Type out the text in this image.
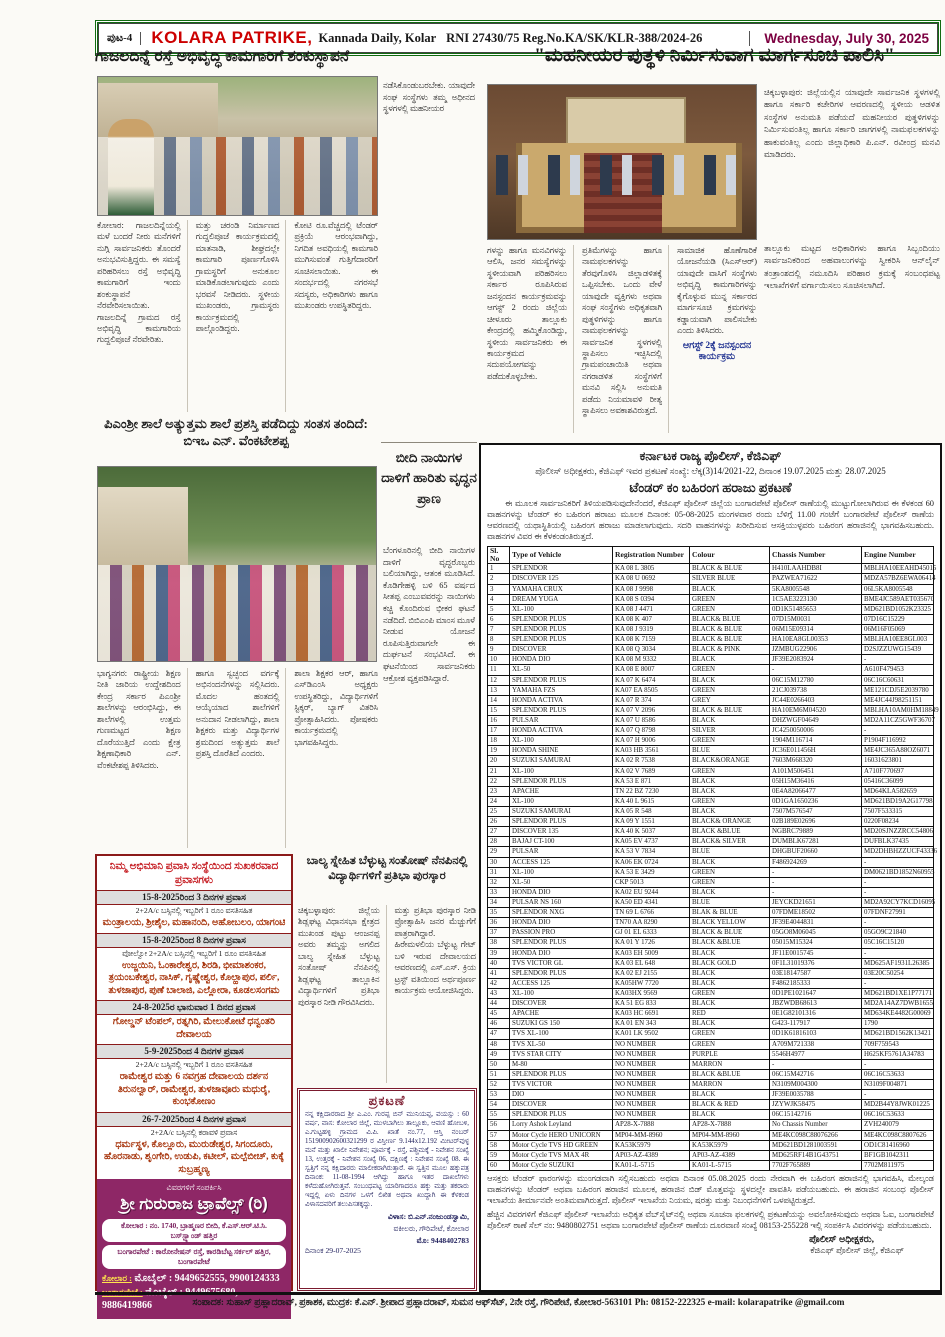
ಪುಟ-4	KOLARA PATRIKE, Kannada Daily, Kolar RNI 27430/75 Reg.No.KA/SK/KLR-388/2024-26	Wednesday, July 30, 2025
ಗಾಜಲದಿನ್ನೆ ರಸ್ತೆ ಅಭಿವೃದ್ಧಿ ಕಾಮಗಾರಿಗೆ ಶಂಕುಸ್ಥಾಪನೆ	"ಮಹನೀಯರ ಪುತ್ಥಳಿ ನಿರ್ಮಿಸುವಾಗ ಮಾರ್ಗಸೂಚಿ ಪಾಲಿಸಿ"
ಕೋಲಾರ: ಗಾಜಲದಿನ್ನೆಯಲ್ಲಿ ಮಳೆ ಬಂದರೆ ನೀರು ಮನೆಗಳಿಗೆ ನುಗ್ಗಿ ಸಾರ್ವಜನಿಕರು ತೊಂದರೆ ಅನುಭವಿಸುತ್ತಿದ್ದರು. ಈ ಸಮಸ್ಯೆ ಪರಿಹರಿಸಲು ರಸ್ತೆ ಅಭಿವೃದ್ಧಿ ಕಾಮಗಾರಿಗೆ ಇಂದು ಶಂಕುಸ್ಥಾಪನೆ ನೆರವೇರಿಸಲಾಯಿತು. ಗಾಜಲದಿನ್ನೆ ಗ್ರಾಮದ ರಸ್ತೆ ಅಭಿವೃದ್ಧಿ ಕಾಮಗಾರಿಯ ಗುದ್ದಲಿಪೂಜೆ ನೆರವೇರಿತು.
ಮತ್ತು ಚರಂಡಿ ನಿರ್ಮಾಣದ ಗುದ್ದಲಿಪೂಜೆ ಕಾರ್ಯಕ್ರಮದಲ್ಲಿ ಮಾತನಾಡಿ, ಶೀಘ್ರದಲ್ಲೇ ಕಾಮಗಾರಿ ಪೂರ್ಣಗೊಳಿಸಿ ಗ್ರಾಮಸ್ಥರಿಗೆ ಅನುಕೂಲ ಮಾಡಿಕೊಡಲಾಗುವುದು ಎಂದು ಭರವಸೆ ನೀಡಿದರು. ಸ್ಥಳೀಯ ಮುಖಂಡರು, ಗ್ರಾಮಸ್ಥರು ಕಾರ್ಯಕ್ರಮದಲ್ಲಿ ಪಾಲ್ಗೊಂಡಿದ್ದರು.
ಕೋಟಿ ರೂ.ವೆಚ್ಚದಲ್ಲಿ ಟೆಂಡರ್ ಪ್ರಕ್ರಿಯೆ ಆರಂಭವಾಗಿದ್ದು, ನಿಗದಿತ ಅವಧಿಯಲ್ಲಿ ಕಾಮಗಾರಿ ಮುಗಿಸುವಂತೆ ಗುತ್ತಿಗೆದಾರರಿಗೆ ಸೂಚಿಸಲಾಯಿತು. ಈ ಸಂದರ್ಭದಲ್ಲಿ ನಗರಸಭೆ ಸದಸ್ಯರು, ಅಧಿಕಾರಿಗಳು ಹಾಗೂ ಮುಖಂಡರು ಉಪಸ್ಥಿತರಿದ್ದರು.
ನಡೆಸಿಕೊಂಡುಬರಬೇಕು. ಯಾವುದೇ ಸಂಘ ಸಂಸ್ಥೆಗಳು ತಮ್ಮ ಅಧೀನದ ಸ್ಥಳಗಳಲ್ಲಿ ಮಹನೀಯರ
ಬೀದಿ ನಾಯಿಗಳ ದಾಳಿಗೆ ಹಾರಿತು ವೃದ್ಧನ ಪ್ರಾಣ
ಬೆಂಗಳೂರಿನಲ್ಲಿ ಬೀದಿ ನಾಯಿಗಳ ದಾಳಿಗೆ ವೃದ್ಧರೊಬ್ಬರು ಬಲಿಯಾಗಿದ್ದು, ಆತಂಕ ಮೂಡಿಸಿದೆ. ಕೊಡಿಗೇಹಳ್ಳಿ ಬಳಿ 65 ವರ್ಷದ ಸೀತಪ್ಪ ಎಂಬುವವರನ್ನು ನಾಯಿಗಳು ಕಚ್ಚಿ ಕೊಂದಿರುವ ಭೀಕರ ಘಟನೆ ನಡೆದಿದೆ. ಬಿಬಿಎಂಪಿ ಮಾಂಸ ಮೂಳೆ ನೀಡುವ ಯೋಜನೆ ರೂಪಿಸುತ್ತಿರುವಾಗಲೇ ಈ ದುರ್ಘಟನೆ ಸಂಭವಿಸಿದೆ. ಈ ಘಟನೆಯಿಂದ ಸಾರ್ವಜನಿಕರು ಆಕ್ರೋಶ ವ್ಯಕ್ತಪಡಿಸಿದ್ದಾರೆ.
ಚಿಕ್ಕಬಳ್ಳಾಪುರ: ಜಿಲ್ಲೆಯಲ್ಲಿನ ಯಾವುದೇ ಸಾರ್ವಜನಿಕ ಸ್ಥಳಗಳಲ್ಲಿ ಹಾಗೂ ಸರ್ಕಾರಿ ಕಚೇರಿಗಳ ಆವರಣದಲ್ಲಿ ಸ್ಥಳೀಯ ಆಡಳಿತ ಸಂಸ್ಥೆಗಳ ಅನುಮತಿ ಪಡೆಯದೆ ಮಹನೀಯರ ಪುತ್ಥಳಿಗಳನ್ನು ನಿರ್ಮಿಸುವಂತಿಲ್ಲ ಹಾಗೂ ಸರ್ಕಾರಿ ಜಾಗಗಳಲ್ಲಿ ನಾಮಫಲಕಗಳನ್ನು ಹಾಕುವಂತಿಲ್ಲ ಎಂದು ಜಿಲ್ಲಾಧಿಕಾರಿ ಪಿ.ಎನ್. ರವೀಂದ್ರ ಮನವಿ ಮಾಡಿದರು.
ತಾಲ್ಲೂಕು ಮಟ್ಟದ ಅಧಿಕಾರಿಗಳು ಹಾಗೂ ಸಿಬ್ಬಂದಿಯು ಸಾರ್ವಜನಿಕರಿಂದ ಅಹವಾಲುಗಳನ್ನು ಸ್ವೀಕರಿಸಿ ಆನ್‌ಲೈನ್ ತಂತ್ರಾಂಶದಲ್ಲಿ ನಮೂದಿಸಿ ಪರಿಹಾರ ಕ್ರಮಕ್ಕೆ ಸಂಬಂಧಪಟ್ಟ ಇಲಾಖೆಗಳಿಗೆ ವರ್ಗಾಯಿಸಲು ಸೂಚಿಸಲಾಗಿದೆ.
ಗಳನ್ನು ಹಾಗೂ ಮನವಿಗಳನ್ನು ಆಲಿಸಿ, ಜನರ ಸಮಸ್ಯೆಗಳನ್ನು ಸ್ಥಳೀಯವಾಗಿ ಪರಿಹರಿಸಲು ಸರ್ಕಾರ ರೂಪಿಸಿರುವ ಜನಸ್ಪಂದನ ಕಾರ್ಯಕ್ರಮವನ್ನು ಆಗಸ್ಟ್ 2 ರಂದು ಜಿಲ್ಲೆಯ ಚೀಳೂರು ತಾಲ್ಲೂಕು ಕೇಂದ್ರದಲ್ಲಿ ಹಮ್ಮಿಕೊಂಡಿದ್ದು, ಸ್ಥಳೀಯ ಸಾರ್ವಜನಿಕರು ಈ ಕಾರ್ಯಕ್ರಮದ ಸದುಪಯೋಗವನ್ನು ಪಡೆದುಕೊಳ್ಳಬೇಕು.
ಪ್ರತಿಮೆಗಳನ್ನು ಹಾಗೂ ನಾಮಫಲಕಗಳನ್ನು ತೆರವುಗೊಳಿಸಿ ಜಿಲ್ಲಾಡಳಿತಕ್ಕೆ ಒಪ್ಪಿಸಬೇಕು. ಒಂದು ವೇಳೆ ಯಾವುದೇ ವ್ಯಕ್ತಿಗಳು ಅಥವಾ ಸಂಘ ಸಂಸ್ಥೆಗಳು ಅಧಿಕೃತವಾಗಿ ಪುತ್ಥಳಿಗಳನ್ನು ಹಾಗೂ ನಾಮಫಲಕಗಳನ್ನು ಸಾರ್ವಜನಿಕ ಸ್ಥಳಗಳಲ್ಲಿ ಸ್ಥಾಪಿಸಲು ಇಚ್ಛಿಸಿದಲ್ಲಿ ಗ್ರಾಮಪಂಚಾಯಿತಿ ಅಥವಾ ನಗರಾಡಳಿತ ಸಂಸ್ಥೆಗಳಿಗೆ ಮನವಿ ಸಲ್ಲಿಸಿ ಅನುಮತಿ ಪಡೆದು ನಿಯಮಾವಳಿ ರೀತ್ಯ ಸ್ಥಾಪಿಸಲು ಅವಕಾಶವಿರುತ್ತದೆ.
ಸಾಮಾಜಿಕ ಹೊಣೆಗಾರಿಕೆ ಯೋಜನೆಯಡಿ (ಸಿಎಸ್‌ಆರ್) ಯಾವುದೇ ವಾಸಿಗೆ ಸಂಸ್ಥೆಗಳು ಅಭಿವೃದ್ಧಿ ಕಾಮಗಾರಿಗಳನ್ನು ಕೈಗೊಳ್ಳುವ ಮುನ್ನ ಸರ್ಕಾರದ ಮಾರ್ಗಸೂಚಿ ಕ್ರಮಗಳನ್ನು ಕಡ್ಡಾಯವಾಗಿ ಪಾಲಿಸಬೇಕು ಎಂದು ತಿಳಿಸಿದರು.
ಆಗಸ್ಟ್ 2ಕ್ಕೆ ಜನಸ್ಪಂದನ ಕಾರ್ಯಕ್ರಮ
ಪಿಎಂಶ್ರೀ ಶಾಲೆ ಅತ್ಯುತ್ತಮ ಶಾಲೆ ಪ್ರಶಸ್ತಿ ಪಡೆದಿದ್ದು ಸಂತಸ ತಂದಿದೆ: ಬಿಇಒ ಎನ್. ವೆಂಕಟೇಶಪ್ಪ
ಭಾಗ್ಯನಗರ: ರಾಷ್ಟ್ರೀಯ ಶಿಕ್ಷಣ ನೀತಿ ಜಾರಿಯ ಉದ್ದೇಶದಿಂದ ಕೇಂದ್ರ ಸರ್ಕಾರ ಪಿಎಂಶ್ರೀ ಶಾಲೆಗಳನ್ನು ಆರಂಭಿಸಿದ್ದು, ಈ ಶಾಲೆಗಳಲ್ಲಿ ಉತ್ತಮ ಗುಣಮಟ್ಟದ ಶಿಕ್ಷಣ ದೊರೆಯುತ್ತಿದೆ ಎಂದು ಕ್ಷೇತ್ರ ಶಿಕ್ಷಣಾಧಿಕಾರಿ ಎನ್. ವೆಂಕಟೇಶಪ್ಪ ತಿಳಿಸಿದರು.
ಹಾಗೂ ಸ್ವಚ್ಛಂದ ವರ್ಗಕ್ಕೆ ಅಭಿನಂದನೆಗಳನ್ನು ಸಲ್ಲಿಸಿದರು. ಮೊದಲ ಹಂತದಲ್ಲಿ ಆಯ್ಕೆಯಾದ ಶಾಲೆಗಳಿಗೆ ಅನುದಾನ ನೀಡಲಾಗಿದ್ದು, ಶಾಲಾ ಶಿಕ್ಷಕರು ಮತ್ತು ವಿದ್ಯಾರ್ಥಿಗಳ ಶ್ರಮದಿಂದ ಅತ್ಯುತ್ತಮ ಶಾಲೆ ಪ್ರಶಸ್ತಿ ದೊರೆತಿದೆ ಎಂದರು.
ಶಾಲಾ ಶಿಕ್ಷಕರ ಆರ್, ಹಾಗೂ ಎಸ್‌ಡಿಎಂಸಿ ಅಧ್ಯಕ್ಷರು ಉಪಸ್ಥಿತರಿದ್ದು, ವಿದ್ಯಾರ್ಥಿಗಳಿಗೆ ಸ್ಟಿಕ್ಕರ್, ಬ್ಯಾಗ್ ವಿತರಿಸಿ ಪ್ರೋತ್ಸಾಹಿಸಿದರು. ಪೋಷಕರು ಕಾರ್ಯಕ್ರಮದಲ್ಲಿ ಭಾಗವಹಿಸಿದ್ದರು.
ಕರ್ನಾಟಕ ರಾಜ್ಯ ಪೊಲೀಸ್, ಕೆಜಿಎಫ್
ಪೊಲೀಸ್ ಅಧೀಕ್ಷಕರು, ಕೆಜಿಎಫ್ ಇವರ ಪ್ರಕಟಣೆ ಸಂಖ್ಯೆ: ಲೆಕ್ಕ(3)14/2021-22, ದಿನಾಂಕ 19.07.2025 ಮತ್ತು 28.07.2025
ಟೆಂಡರ್ ಕಂ ಬಹಿರಂಗ ಹರಾಜು ಪ್ರಕಟಣೆ
ಈ ಮೂಲಕ ಸಾರ್ವಜನಿಕರಿಗೆ ತಿಳಿಯಪಡಿಸುವುದೇನೆಂದರೆ, ಕೆಜಿಎಫ್ ಪೊಲೀಸ್ ಜಿಲ್ಲೆಯ ಬಂಗಾರಪೇಟೆ ಪೊಲೀಸ್ ಠಾಣೆಯಲ್ಲಿ ಮುಟ್ಟುಗೋಲಾಗಿರುವ ಈ ಕೆಳಕಂಡ 60 ವಾಹನಗಳನ್ನು ಟೆಂಡರ್ ಕಂ ಬಹಿರಂಗ ಹರಾಜು ಮೂಲಕ ದಿನಾಂಕ: 05-08-2025 ಮಂಗಳವಾರ ರಂದು ಬೆಳಿಗ್ಗೆ 11.00 ಗಂಟೆಗೆ ಬಂಗಾರಪೇಟೆ ಪೊಲೀಸ್ ಠಾಣೆಯ ಆವರಣದಲ್ಲಿ ಯಥಾಸ್ಥಿತಿಯಲ್ಲಿ ಬಹಿರಂಗ ಹರಾಜು ಮಾಡಲಾಗುವುದು. ಸದರಿ ವಾಹನಗಳನ್ನು ಖರೀದಿಸುವ ಆಸಕ್ತಿಯುಳ್ಳವರು ಬಹಿರಂಗ ಹರಾಜಿನಲ್ಲಿ ಭಾಗವಹಿಸಬಹುದು. ವಾಹನಗಳ ವಿವರ ಈ ಕೆಳಕಂಡಂತಿರುತ್ತದೆ.
Sl. No	Type of Vehicle	Registration Number	Colour	Chassis Number	Engine Number
1	SPLENDOR	KA 08 L 3805	BLACK & BLUE	H410LAAHDB8I	MBLHA10EEAHD45015
2	DISCOVER 125	KA 08 U 0692	SILVER BLUE	PAZWEA71622	MDZA57BZ6EWA06414
3	YAMAHA CRUX	KA 08 J 9998	BLACK	5KA8005548	06L5KA8005548
4	DREAM YUGA	KA 08 S 0394	GREEN	1C5AE3223130	BME4JC589AET035670
5	XL-100	KA 08 J 4471	GREEN	0D1K51485653	MD621BD1052K23325
6	SPLENDOR PLUS	KA 08 K 407	BLACK& BLUE	07D15M0031	07D16C15229
7	SPLENDOR PLUS	KA 08 J 9319	BLACK & BLUE	06M15E09314	06M16F05069
8	SPLENDOR PLUS	KA 08 K 7159	BLACK & BLUE	HA10EA8GL00353	MBLHA10EE8GL003
9	DISCOVER	KA 08 Q 3034	BLACK & PINK	JZMBUG22906	D2SJZZUWG15439
10	HONDA DIO	KA 08 M 9332	BLACK	JF39E2083924	-
11	XL-50	KA 08 E 8007	GREEN	-	A610F479453
12	SPLENDOR PLUS	KA 07 K 6474	BLACK	06C15M12780	06C16C60631
13	YAMAHA FZS	KA07 EA 8505	GREEN	21CJ039738	ME121CDJ5E2039780
14	HONDA ACTIVA	KA 07 R 374	GREY	JC44E0266403	ME4JC44J98251151
15	SPLENDOR PLUS	KA 07 V 2096	BLACK & BLUE	HA10EM6M04520	MBLHA10AM0HM18849
16	PULSAR	KA 07 U 8586	BLACK	DHZWGF04649	MD2A11CZ5GWF36707
17	HONDA ACTIVA	KA 07 Q 8798	SILVER	JC4250050006	-
18	XL-100	KA 07 H 9006	GREEN	1904M116714	P1904F116992
19	HONDA SHINE	KA03 HB 3561	BLUE	JC36E011456H	ME4JC365A88OZ6071
20	SUZUKI SAMURAI	KA 02 R 7538	BLACK&ORANGE	7603M668320	16031623801
21	XL-100	KA 02 V 7689	GREEN	A101M506451	A710F770697
22	SPLENDOR PLUS	KA 53 E 871	BLACK	05H15M36416	05416C36099
23	APACHE	TN 22 BZ 7230	BLACK	0E4A82066477	MD64KLA582659
24	XL-100	KA 40 L 9615	GREEN	0D1GA1650236	MD621BD19A2G17798
25	SUZUKI SAMURAI	KA 05 R 548	BLACK	7507M576547	7507F533315
26	SPLENDOR PLUS	KA 09 Y 1551	BLACK& ORANGE	02B189E02696	0220F08234
27	DISCOVER 135	KA 40 K 5037	BLACK &BLUE	NGBRC79889	MD20SJNZZRCC54806
28	BAJAJ CT-100	KA05 EV 4737	BLACK& SILVER	DUMBLK67281	DUFBLK37435
29	PULSAR	KA 53 V 7834	BLUE	DHGBUF20660	MD2DHBHZZUCF43336
30	ACCESS 125	KA06 EK 0724	BLACK	F486924269	-
31	XL-100	KA 53 E 3429	GREEN	-	DM0621BD1852N60955
32	XL-50	CKP 5013	GREEN	-	-
33	HONDA DIO	KA02 EU 9244	BLACK	-	-
34	PULSAR NS 160	KA50 ED 4341	BLUE	JEYCKD21651	MD2A92CY7KCD16095
35	SPLENDOR NXG	TN 69 L 6766	BLAK & BLUE	07FDME18502	07FDNF27991
36	HONDA DIO	TN70 AA 8290	BLACK YELLOW	JF39E4044831	-
37	PASSION PRO	GJ 01 EL 6333	BLACK & BLUE	05GO8M06045	05GO9C21840
38	SPLENDOR PLUS	KA 01 Y 1726	BLACK &BLUE	05015M15324	05C16C15120
39	HONDA DIO	KA03 EH 5009	BLACK	JF11E0015745	-
40	TVS VICTOR GL	KA 03 EL 648	BLACK GOLD	0F1L31019376	MD625AF1931L26385
41	SPLENDOR PLUS	KA 02 EJ 2155	BLACK	03E18147587	03E20C50254
42	ACCESS 125	KA05HW 7720	BLACK	F4862185333	-
43	XL-100	KA03HX 9569	GREEN	0D1PE1021647	MD621BD1XE1P77171
44	DISCOVER	KA 51 EG 833	BLACK	JBZWDB68613	MD2A14AZ7DWB1655
45	APACHE	KA03 HC 6691	RED	0E1G82101316	MD634KE4482G00069
46	SUZUKI GS 150	KA 01 EN 343	BLACK	G423-117917	1790
47	TVS XL-100	KA01 LK 9502	GREEN	0D1K61816103	MD621BD1562K13421
48	TVS XL-50	NO NUMBER	GREEN	A709M721338	709F759543
49	TVS STAR CITY	NO NUMBER	PURPLE	5546H4977	H625KF5761A34783
50	M-80	NO NUMBER	MARRON	-	-
51	SPLENDOR PLUS	NO NUMBER	BLACK &BLUE	06C15M42716	06C16C53633
52	TVS VICTOR	NO NUMBER	MARRON	N3109M004300	N3109F004871
53	DIO	NO NUMBER	BLACK	JF39E0035788	-
54	DISCOVER	NO NUMBER	BLACK & RED	JZYWJK58475	MD2B44Y8JWK01225
55	SPLENDOR PLUS	NO NUMBER	BLACK	06C15142716	06C16C53633
56	Lorry Ashok Leyland	AP28-X-7888	AP28-X-7888	No Chassis Number	ZVH240079
57	Motor Cycle HERO UNICORN	MP04-MM-8960	MP04-MM-8960	ME4KC098C88076266	ME4KC098C8807626
58	Motor Cycle TVS HD GREEN	KA53K5979	KA53K5979	MD621BD1281003591	OD1C81416960
59	Motor Cycle TVS MAX 4R	AP03-AZ-4389	AP03-AZ-4389	MD625RF14B1G43751	BF1GB1042311
60	Motor Cycle SUZUKI	KA01-L-5715	KA01-L-5715	7702F765889	7702M811975
ಆಸಕ್ತರು ಟೆಂಡರ್ ಫಾರಂಗಳನ್ನು ಮುಂಗಡವಾಗಿ ಸಲ್ಲಿಸಬಹುದು ಅಥವಾ ದಿನಾಂಕ 05.08.2025 ರಂದು ನೇರವಾಗಿ ಈ ಬಹಿರಂಗ ಹರಾಜಿನಲ್ಲಿ ಭಾಗವಹಿಸಿ, ಮೇಲ್ಕಂಡ ವಾಹನಗಳನ್ನು ಟೆಂಡರ್ ಅಥವಾ ಬಹಿರಂಗ ಹರಾಜಿನ ಮೂಲಕ, ಹರಾಜಿನ ಬಿಡ್ ಮೊತ್ತವನ್ನು ಸ್ಥಳದಲ್ಲೇ ಪಾವತಿಸಿ ಪಡೆಯಬಹುದು. ಈ ಹರಾಜಿನ ಸಂಬಂಧ ಪೊಲೀಸ್ ಇಲಾಖೆಯ ತೀರ್ಮಾನವೇ ಅಂತಿಮವಾಗಿರುತ್ತದೆ. ಪೊಲೀಸ್ ಇಲಾಖೆಯ ನಿಯಮ, ಷರತ್ತು ಮತ್ತು ನಿಬಂಧನೆಗಳಿಗೆ ಒಳಪಟ್ಟಿರುತ್ತದೆ.
ಹೆಚ್ಚಿನ ವಿವರಗಳಿಗೆ ಕೆಜಿಎಫ್ ಪೊಲೀಸ್ ಇಲಾಖೆಯ ಅಧಿಕೃತ ವೆಬ್‌ಸೈಟ್‌ನಲ್ಲಿ ಅಥವಾ ಸೂಚನಾ ಫಲಕಗಳಲ್ಲಿ ಪ್ರಕಟಣೆಯನ್ನು ಅವಲೋಕಿಸುವುದು ಅಥವಾ ಓಐ, ಬಂಗಾರಪೇಟೆ ಪೊಲೀಸ್ ಠಾಣೆ ಸೆಲ್ ನಂ: 9480802751 ಅಥವಾ ಬಂಗಾರಪೇಟೆ ಪೊಲೀಸ್ ಠಾಣೆಯ ದೂರವಾಣಿ ಸಂಖ್ಯೆ 08153-255228 ಇಲ್ಲಿ ಸಂಪರ್ಕಿಸಿ ವಿವರಗಳನ್ನು ಪಡೆಯಬಹುದು.
ಪೊಲೀಸ್ ಅಧೀಕ್ಷಕರು,
ಕೆಜಿಎಫ್ ಪೊಲೀಸ್ ಜಿಲ್ಲೆ, ಕೆಜಿಎಫ್
ನಿಮ್ಮ ಅಭಿಮಾನಿ ಪ್ರವಾಸಿ ಸಂಸ್ಥೆಯಿಂದ ಸುಖಕರವಾದ ಪ್ರವಾಸಗಳು
15-8-2025ರಿಂದ 3 ದಿನಗಳ ಪ್ರವಾಸ
2+2A/c ಬಸ್ಸಿನಲ್ಲಿ ಇಬ್ಬರಿಗೆ 1 ರೂಂ ವಸತಿಸಹಿತ
ಮಂತ್ರಾಲಯ, ಶ್ರೀಶೈಲ, ಮಹಾನಂದಿ, ಅಹೋಬಲಂ, ಯಾಗಂಟಿ
15-8-2025ರಿಂದ 8 ದಿನಗಳ ಪ್ರವಾಸ
ವೋಲ್ವೋ 2+2A/c ಬಸ್ಸಿನಲ್ಲಿ ಇಬ್ಬರಿಗೆ 1 ರೂಂ ವಸತಿಸಹಿತ
ಉಜ್ಜಯಿನಿ, ಓಂಕಾರೇಶ್ವರ, ಶಿರಡಿ, ಭೀಮಾಶಂಕರ, ತ್ರಯಂಬಕೇಶ್ವರ, ನಾಸಿಕ್, ಗೃಷ್ಣೇಶ್ವರ, ಕೊಲ್ಹಾಪುರ, ಪರ್ಲಿ, ತುಳಜಾಪುರ, ಪುಣೆ ಬಾಲಾಜಿ, ಎಲ್ಲೋರಾ, ಕೂಡಲಸಂಗಮ
24-8-2025ರ ಭಾನುವಾರ 1 ದಿನದ ಪ್ರವಾಸ
ಗೋಲ್ಡನ್ ಟೆಂಪಲ್, ರತ್ನಗಿರಿ, ಮೇಲುಕೋಟೆ ಧನ್ವಂತರಿ ದೇವಾಲಯ
5-9-2025ರಿಂದ 4 ದಿನಗಳ ಪ್ರವಾಸ
2+2A/c ಬಸ್ಸಿನಲ್ಲಿ ಇಬ್ಬರಿಗೆ 1 ರೂಂ ವಸತಿಸಹಿತ
ರಾಮೇಶ್ವರ ಮತ್ತು 6 ನವಗ್ರಹ ದೇವಾಲಯ ದರ್ಶನ ತಿರುನಲ್ವಾರ್, ರಾಮೇಶ್ವರ, ತುಳಜಾವೂರು ಮಧುರೈ, ಕುಂಭಕೋಣಂ
26-7-2025ರಿಂದ 4 ದಿನಗಳ ಪ್ರವಾಸ
2+2A/c ಬಸ್ಸಿನಲ್ಲಿ ಕರಾವಳಿ ಪ್ರವಾಸ
ಧರ್ಮಸ್ಥಳ, ಕೊಲ್ಲೂರು, ಮುರುಡೇಶ್ವರ, ಸಿಗಂದೂರು, ಹೊರನಾಡು, ಶೃಂಗೇರಿ, ಉಡುಪಿ, ಕಟೀಲ್, ಮಲ್ಪೆಬೀಚ್, ಕುಕ್ಕೆ ಸುಬ್ರಹ್ಮಣ್ಯ
ವಿವರಗಳಿಗೆ ಸಂಪರ್ಕಿಸಿ
ಶ್ರೀ ಗುರುರಾಜ ಟ್ರಾವೆಲ್ಸ್ (ರಿ)
ಕೋಲಾರ : ನಂ. 1740, ಬ್ರಾಹ್ಮಣರ ಬೀದಿ, ಕೆ.ಎಸ್.ಆರ್.ಟಿ.ಸಿ. ಬಸ್‌ಸ್ಟ್ಯಾಂಡ್ ಹತ್ತಿರ
ಬಂಗಾರಪೇಟೆ : ಕಾರೋನೇಷನ್ ರಸ್ತೆ, ಕಾರಡಿಬೆಟ್ಟ ಸರ್ಕಲ್ ಹತ್ತಿರ, ಬಂಗಾರಪೇಟೆ
ಕೋಲಾರ : ಮೊಬೈಲ್ : 9449652555, 9900124333
9886419866
ಬಾಲ್ಯ ಸ್ನೇಹಿತ ಬೆಳ್ಳುಟ್ಟ ಸಂತೋಷ್ ನೆನಪಿನಲ್ಲಿ ವಿದ್ಯಾರ್ಥಿಗಳಿಗೆ ಪ್ರತಿಭಾ ಪುರಸ್ಕಾರ
ಚಿಕ್ಕಬಳ್ಳಾಪುರ: ಜಿಲ್ಲೆಯ ಶಿಡ್ಲಘಟ್ಟ ವಿಧಾನಸಭಾ ಕ್ಷೇತ್ರದ ಮುಖಂಡ ಪುಟ್ಟು ಆಂಜನಪ್ಪ ಅವರು ತಮ್ಮನ್ನು ಅಗಲಿದ ಬಾಲ್ಯ ಸ್ನೇಹಿತ ಬೆಳ್ಳುಟ್ಟ ಸಂತೋಷ್ ನೆನಪಿನಲ್ಲಿ ಶಿಡ್ಲಘಟ್ಟ ತಾಲ್ಲೂಕಿನ ವಿದ್ಯಾರ್ಥಿಗಳಿಗೆ ಪ್ರತಿಭಾ ಪುರಸ್ಕಾರ ನೀಡಿ ಗೌರವಿಸಿದರು.
ಮತ್ತು ಪ್ರತಿಭಾ ಪುರಸ್ಕಾರ ನೀಡಿ ಪ್ರೋತ್ಸಾಹಿಸಿ ಜನರ ಮೆಚ್ಚುಗೆಗೆ ಪಾತ್ರರಾಗಿದ್ದಾರೆ. ಹಿರೇಮಳಲಿಯ ಬೆಳ್ಳುಟ್ಟ ಗೇಟ್ ಬಳಿ ಇರುವ ದೇವಾಲಯದ ಆವರಣದಲ್ಲಿ ಎಸ್.ಎಸ್. ಕ್ರಿಯ ಟ್ರಸ್ಟ್ ವತಿಯಿಂದ ಅರ್ಥಪೂರ್ಣ ಕಾರ್ಯಕ್ರಮ ಆಯೋಜಿಸಿದ್ದರು.
ಪ್ರಕಟಣೆ
ನನ್ನ ಕಕ್ಷಿದಾರರಾದ ಶ್ರೀ ಎ.ಎಂ. ಗುರಪ್ಪ ಬಿನ್ ಮುನಿಯಪ್ಪ, ವಯಸ್ಸು : 60 ವರ್ಷ, ವಾಸ: ಕೋಲಾರ ಜಿಲ್ಲೆ, ಮುಳಬಾಗಿಲು ತಾಲ್ಲೂಕು, ಆವಣಿ ಹೋಬಳಿ, ಎ.ಗುಟ್ಟಹಳ್ಳಿ ಗ್ರಾಮದ ವಿ.ಪಿ. ಖಾತೆ ನಂ.77, ಆಸ್ತಿ ನಂಬರ್ 151900902600321299 ರ ವಿಸ್ತೀರ್ಣ 9.144x12.192 ಮೀಟರ್‌ವುಳ್ಳ ಮನೆ ಮತ್ತು ಖಾಲೀ ನಿವೇಶನ; ಪೂರ್ವಕ್ಕೆ - ರಸ್ತೆ, ಪಶ್ಚಿಮಕ್ಕೆ - ನಿವೇಶನ ಸಂಖ್ಯೆ 13, ಉತ್ತರಕ್ಕೆ - ನಿವೇಶನ ಸಂಖ್ಯೆ 06, ದಕ್ಷಿಣಕ್ಕೆ : ನಿವೇಶನ ಸಂಖ್ಯೆ 08. ಈ ಸ್ವತ್ತಿಗೆ ನನ್ನ ಕಕ್ಷಿದಾರರು ಮಾಲೀಕರಾಗಿರುತ್ತಾರೆ. ಈ ಸ್ವತ್ತಿನ ಮೂಲ ಹಕ್ಕುಪತ್ರ ದಿನಾಂಕ: 11-08-1994 ಆಗಿದ್ದು ಹಾಗೂ ಇತರ ದಾಖಲೆಗಳು ಕಳೆದುಹೋಗಿರುತ್ತವೆ. ಸಂಬಂಧಪಟ್ಟ ಯಾರಿಗಾದರೂ ಹಕ್ಕು ಮತ್ತು ತಕರಾರು ಇದ್ದಲ್ಲಿ ಏಳು ದಿನಗಳ ಒಳಗೆ ಲಿಖಿತ ಅಥವಾ ಖುದ್ದಾಗಿ ಈ ಕೆಳಕಂಡ ವಿಳಾಸದವರಿಗೆ ತಲುಪಿಸತಕ್ಕದ್ದು.
ವಿಳಾಸ: ಬಿ.ಎನ್.ನಂಜುಂಡಸ್ವಾಮಿ,
ವಕೀಲರು, ಗೌರಿಪೇಟೆ, ಕೋಲಾರ
ಮೊ: 9448402783
ದಿನಾಂಕ 29-07-2025
ಸಂಪಾದಕ: ಸುಹಾಸ್ ಪ್ರಹ್ಲಾದರಾವ್, ಪ್ರಕಾಶಕ, ಮುದ್ರಕ: ಕೆ.ಎನ್. ಶ್ರೀಪಾದ ಪ್ರಹ್ಲಾದರಾವ್, ಸುಮನ ಆಫ್‌ಸೆಟ್, 2ನೇ ರಸ್ತೆ, ಗೌರಿಪೇಟೆ, ಕೋಲಾರ-563101 Ph: 08152-222325 e-mail: kolarapatrike @gmail.com
